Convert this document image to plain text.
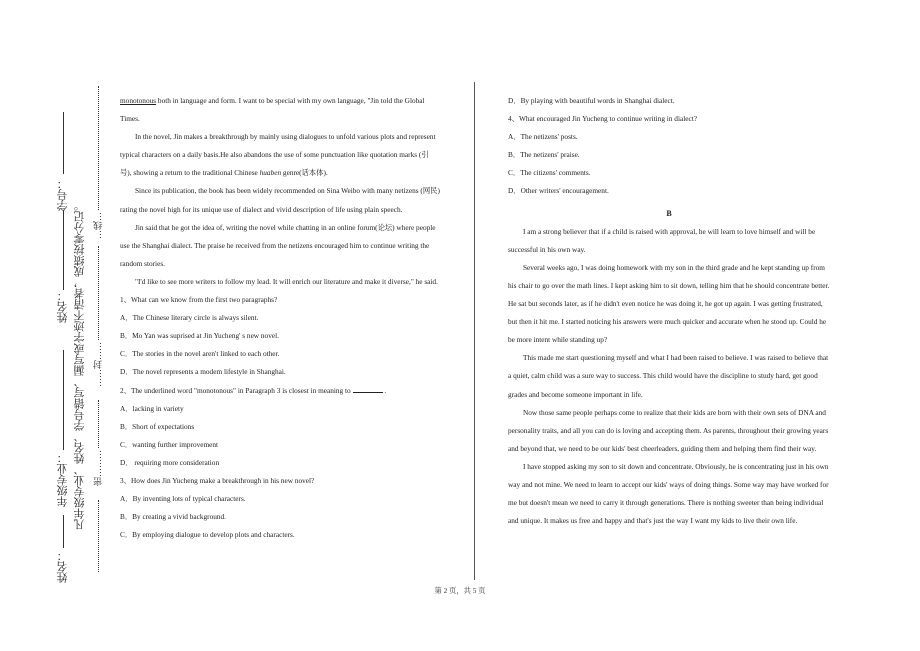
学号：
姓名：
年级专业：
姓名：
凡年级专业、姓名、学号错写、漏写或字迹不清者，成绩按零分记。 …线…
……封……
密………

monotonous both in language and form. I want to be special with my own language, "Jin told the Global Times.

In the novel, Jin makes a breakthrough by mainly using dialogues to unfold various plots and represent typical characters on a daily basis.He also abandons the use of some punctuation like quotation marks (引号), showing a return to the traditional Chinese huaben genre(话本体).

Since its publication, the book has been widely recommended on Sina Weibo with many netizens (网民) rating the novel high for its unique use of dialect and vivid description of life using plain speech.

Jin said that he got the idea of, writing the novel while chatting in an online forum(论坛) where people use the Shanghai dialect. The praise he received from the netizens encouraged him to continue writing the random stories.

"I'd like to see more writers to follow my lead. It will enrich our literature and make it diverse," he said.

1、What can we know from the first two paragraphs?

A．The Chinese literary circle is always silent.

B．Mo Yan was suprised at Jin Yucheng' s new novel.

C．The stories in the novel aren't linked to each other.

D．The novel represents a modem lifestyle in Shanghai.

2、The underlined word "monotonous" in Paragraph 3 is closest in meaning to	.

A．lacking in variety

B．Short of expectations

C．wanting further improvement

D． requiring more consideration

3、How does Jin Yucheng make a breakthrough in his new novel?

A．By inventing lots of typical characters.

B．By creating a vivid background.

C．By employing dialogue to develop plots and characters.

D．By playing with beautiful words in Shanghai dialect.

4、What encouraged Jin Yucheng to continue writing in dialect?

A．The netizens' posts.

B．The netizens' praise.

C．The citizens' comments.

D．Other writers' encouragement.

B

I am a strong believer that if a child is raised with approval, he will learn to love himself and will be successful in his own way.

Several weeks ago, I was doing homework with my son in the third grade and he kept standing up from his chair to go over the math lines. I kept asking him to sit down, telling him that he should concentrate better. He sat but seconds later, as if he didn't even notice he was doing it, he got up again. I was getting frustrated, but then it hit me. I started noticing his answers were much quicker and accurate when he stood up. Could he be more intent while standing up?

This made me start questioning myself and what I had been raised to believe. I was raised to believe that a quiet, calm child was a sure way to success. This child would have the discipline to study hard, get good grades and become someone important in life.

Now those same people perhaps come to realize that their kids are born with their own sets of DNA and personality traits, and all you can do is loving and accepting them. As parents, throughout their growing years and beyond that, we need to be our kids' best cheerleaders, guiding them and helping them find their way.

I have stopped asking my son to sit down and concentrate. Obviously, he is concentrating just in his own way and not mine. We need to learn to accept our kids' ways of doing things. Some way may have worked for me but doesn't mean we need to carry it through generations. There is nothing sweeter than being individual and unique. It makes us free and happy and that's just the way I want my kids to live their own life.

第 2 页，共 5 页
